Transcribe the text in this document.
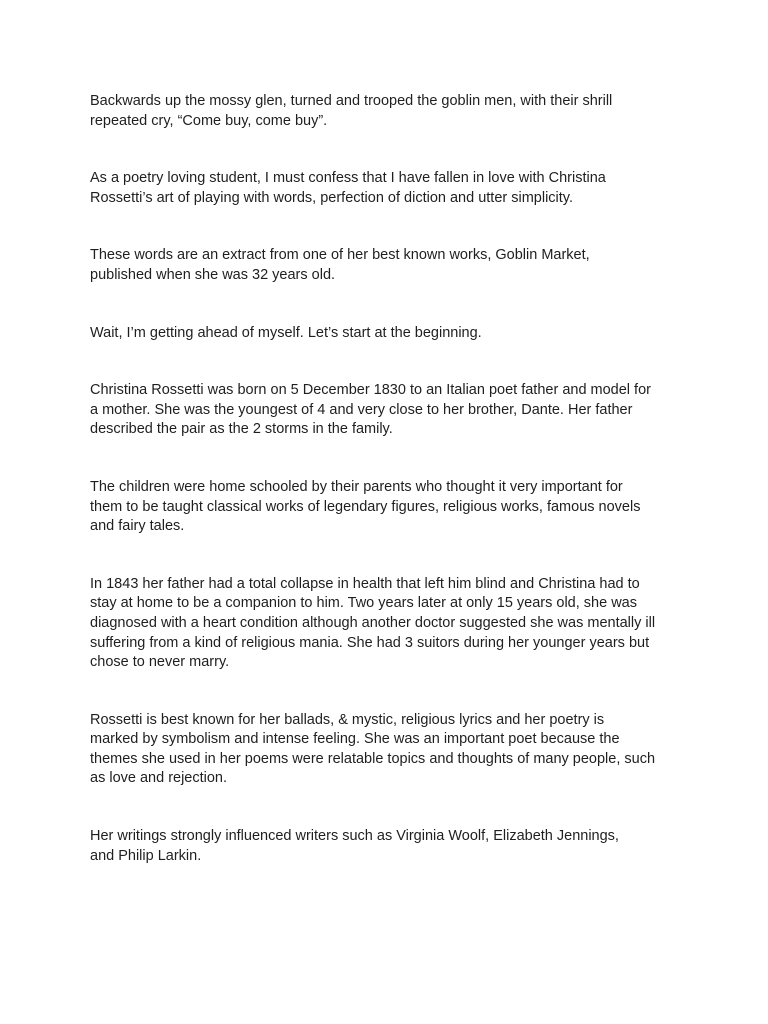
Backwards up the mossy glen, turned and trooped the goblin men, with their shrill
repeated cry, “Come buy, come buy”.

As a poetry loving student, I must confess that I have fallen in love with Christina
Rossetti’s art of playing with words, perfection of diction and utter simplicity.

These words are an extract from one of her best known works, Goblin Market,
published when she was 32 years old.

Wait, I’m getting ahead of myself. Let’s start at the beginning.

Christina Rossetti was born on 5 December 1830 to an Italian poet father and model for
a mother. She was the youngest of 4 and very close to her brother, Dante. Her father
described the pair as the 2 storms in the family.

The children were home schooled by their parents who thought it very important for
them to be taught classical works of legendary figures, religious works, famous novels
and fairy tales.

In 1843 her father had a total collapse in health that left him blind and Christina had to
stay at home to be a companion to him. Two years later at only 15 years old, she was
diagnosed with a heart condition although another doctor suggested she was mentally ill
suffering from a kind of religious mania. She had 3 suitors during her younger years but
chose to never marry.

Rossetti is best known for her ballads, & mystic, religious lyrics and her poetry is
marked by symbolism and intense feeling. She was an important poet because the
themes she used in her poems were relatable topics and thoughts of many people, such
as love and rejection.

Her writings strongly influenced writers such as Virginia Woolf, Elizabeth Jennings,
and Philip Larkin.
